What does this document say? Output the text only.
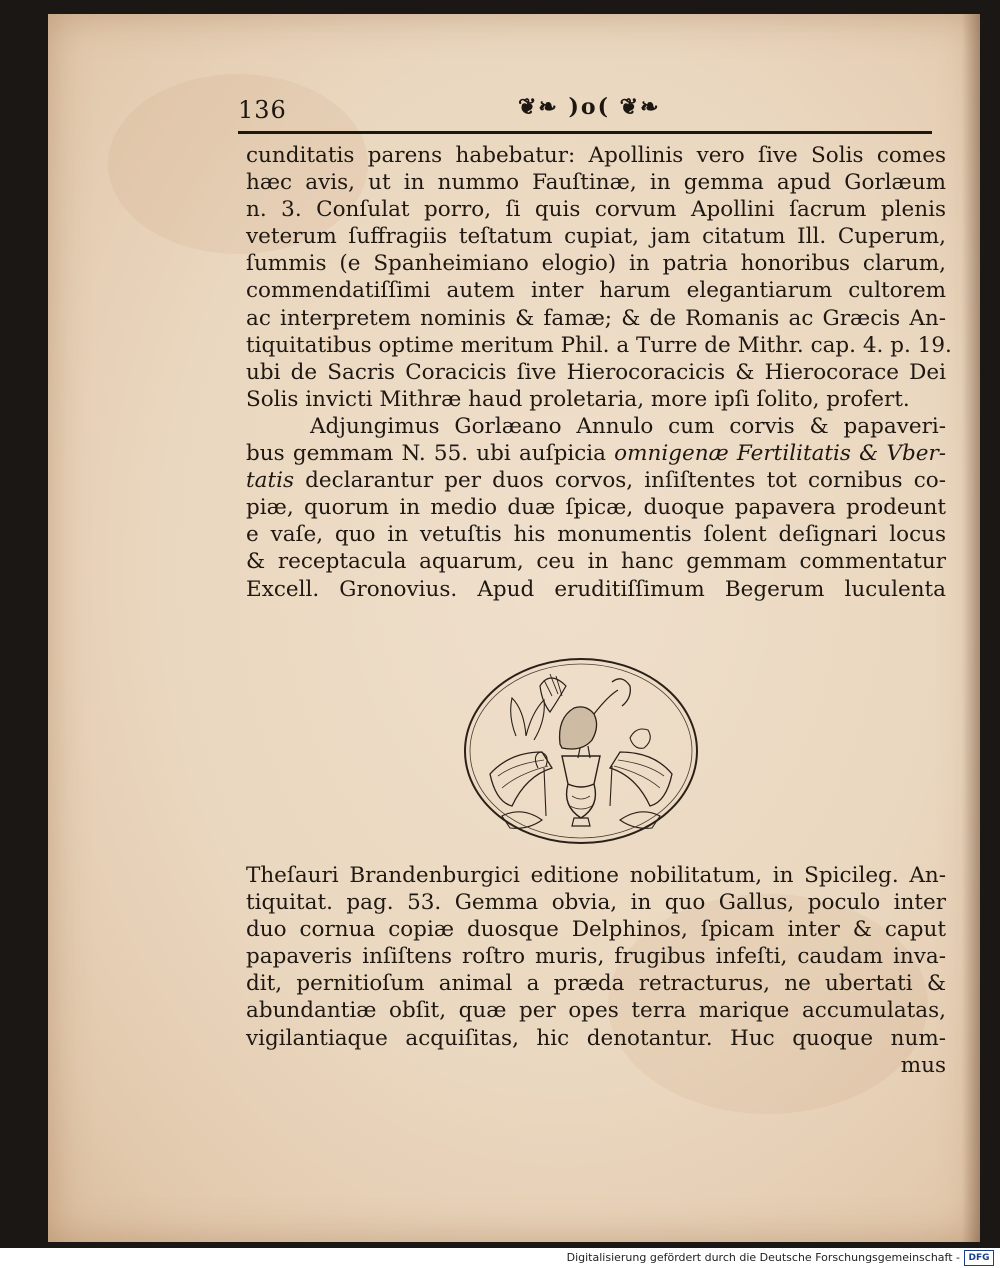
136	❦❧ )o( ❦❧
cunditatis parens habebatur: Apollinis vero ſive Solis comes
hæc avis, ut in nummo Fauſtinæ, in gemma apud Gorlæum
n. 3. Conſulat porro, ſi quis corvum Apollini ſacrum plenis
veterum ſuffragiis teſtatum cupiat, jam citatum Ill. Cuperum,
ſummis (e Spanheimiano elogio) in patria honoribus clarum,
commendatiſſimi autem inter harum elegantiarum cultorem
ac interpretem nominis & famæ; & de Romanis ac Græcis An-
tiquitatibus optime meritum Phil. a Turre de Mithr. cap. 4. p. 19.
ubi de Sacris Coracicis ſive Hierocoracicis & Hierocorace Dei
Solis invicti Mithræ haud proletaria, more ipſi ſolito, profert.
Adjungimus Gorlæano Annulo cum corvis & papaveri-
bus gemmam N. 55. ubi auſpicia omnigenæ Fertilitatis & Vber-
tatis declarantur per duos corvos, inſiſtentes tot cornibus co-
piæ, quorum in medio duæ ſpicæ, duoque papavera prodeunt
e vaſe, quo in vetuſtis his monumentis ſolent deſignari locus
& receptacula aquarum, ceu in hanc gemmam commentatur
Excell. Gronovius. Apud eruditiſſimum Begerum luculenta
Theſauri Brandenburgici editione nobilitatum, in Spicileg. An-
tiquitat. pag. 53. Gemma obvia, in quo Gallus, poculo inter
duo cornua copiæ duosque Delphinos, ſpicam inter & caput
papaveris inſiſtens roſtro muris, frugibus infeſti, caudam inva-
dit, pernitioſum animal a præda retracturus, ne ubertati &
abundantiæ obſit, quæ per opes terra marique accumulatas,
vigilantiaque acquiſitas, hic denotantur. Huc quoque num-
mus
Digitalisierung gefördert durch die Deutsche Forschungsgemeinschaft - DFG
